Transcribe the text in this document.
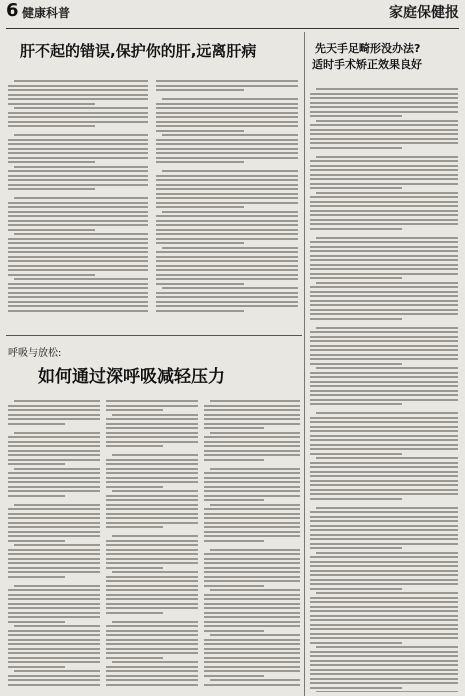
6 健康科普	家庭保健报
肝不起的错误,保护你的肝,远离肝病	先天手足畸形没办法?
适时手术矫正效果良好
呼吸与放松:
如何通过深呼吸减轻压力
